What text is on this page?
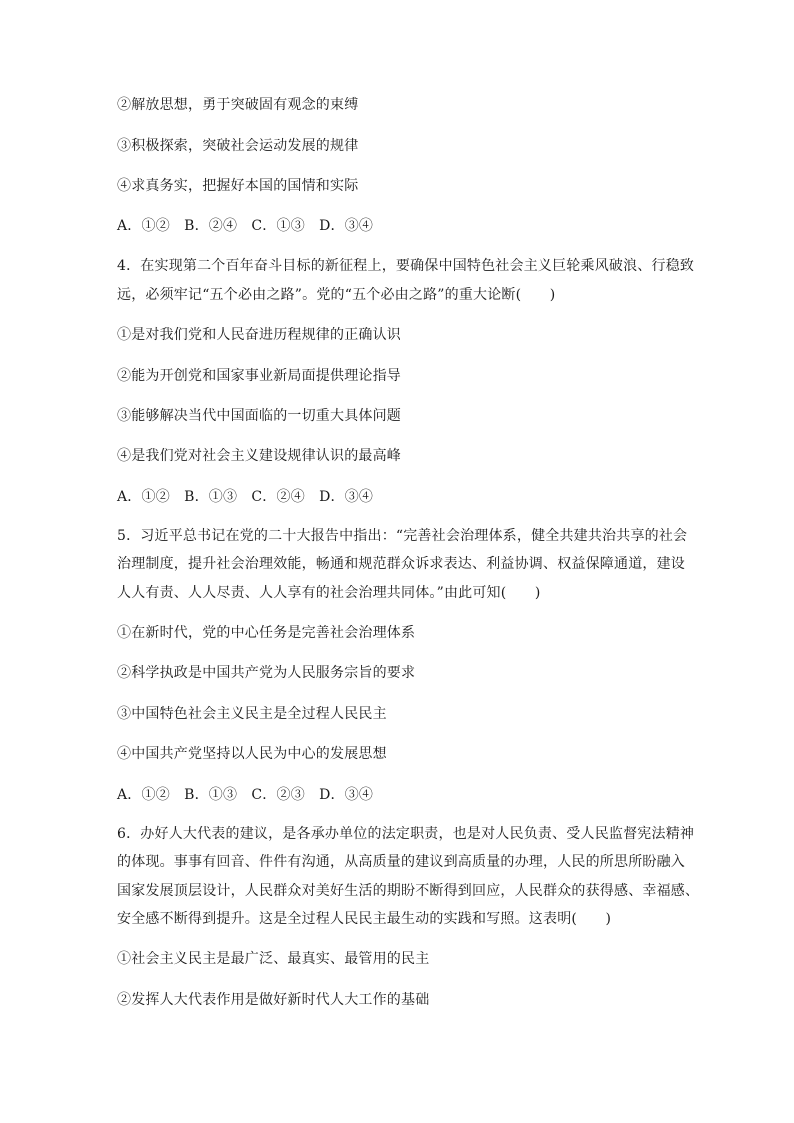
②解放思想，勇于突破固有观念的束缚
③积极探索，突破社会运动发展的规律
④求真务实，把握好本国的国情和实际
A．①②　B．②④　C．①③　D．③④
4．在实现第二个百年奋斗目标的新征程上，要确保中国特色社会主义巨轮乘风破浪、行稳致
远，必须牢记“五个必由之路”。党的“五个必由之路”的重大论断(　　)
①是对我们党和人民奋进历程规律的正确认识
②能为开创党和国家事业新局面提供理论指导
③能够解决当代中国面临的一切重大具体问题
④是我们党对社会主义建设规律认识的最高峰
A．①②　B．①③　C．②④　D．③④
5．习近平总书记在党的二十大报告中指出：“完善社会治理体系，健全共建共治共享的社会
治理制度，提升社会治理效能，畅通和规范群众诉求表达、利益协调、权益保障通道，建设
人人有责、人人尽责、人人享有的社会治理共同体。”由此可知(　　)
①在新时代，党的中心任务是完善社会治理体系
②科学执政是中国共产党为人民服务宗旨的要求
③中国特色社会主义民主是全过程人民民主
④中国共产党坚持以人民为中心的发展思想
A．①②　B．①③　C．②③　D．③④
6．办好人大代表的建议，是各承办单位的法定职责，也是对人民负责、受人民监督宪法精神
的体现。事事有回音、件件有沟通，从高质量的建议到高质量的办理，人民的所思所盼融入
国家发展顶层设计，人民群众对美好生活的期盼不断得到回应，人民群众的获得感、幸福感、
安全感不断得到提升。这是全过程人民民主最生动的实践和写照。这表明(　　)
①社会主义民主是最广泛、最真实、最管用的民主
②发挥人大代表作用是做好新时代人大工作的基础
